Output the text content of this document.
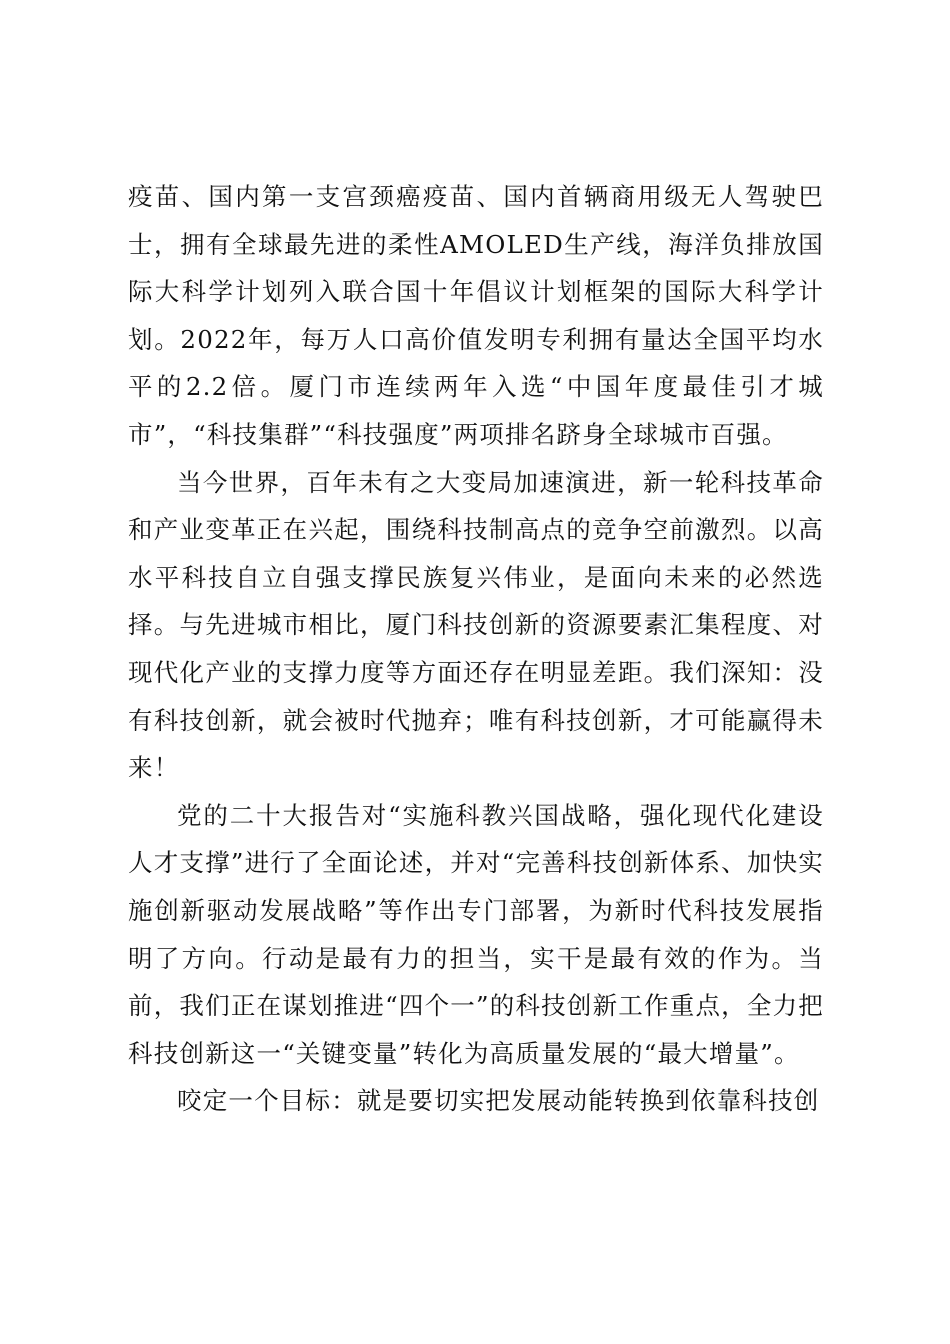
疫苗、国内第一支宫颈癌疫苗、国内首辆商用级无人驾驶巴士，拥有全球最先进的柔性AMOLED生产线，海洋负排放国际大科学计划列入联合国十年倡议计划框架的国际大科学计划。2022年，每万人口高价值发明专利拥有量达全国平均水平的2.2倍。厦门市连续两年入选“中国年度最佳引才城市”，“科技集群”“科技强度”两项排名跻身全球城市百强。

当今世界，百年未有之大变局加速演进，新一轮科技革命和产业变革正在兴起，围绕科技制高点的竞争空前激烈。以高水平科技自立自强支撑民族复兴伟业，是面向未来的必然选择。与先进城市相比，厦门科技创新的资源要素汇集程度、对现代化产业的支撑力度等方面还存在明显差距。我们深知：没有科技创新，就会被时代抛弃；唯有科技创新，才可能赢得未来！

党的二十大报告对“实施科教兴国战略，强化现代化建设人才支撑”进行了全面论述，并对“完善科技创新体系、加快实施创新驱动发展战略”等作出专门部署，为新时代科技发展指明了方向。行动是最有力的担当，实干是最有效的作为。当前，我们正在谋划推进“四个一”的科技创新工作重点，全力把科技创新这一“关键变量”转化为高质量发展的“最大增量”。

咬定一个目标：就是要切实把发展动能转换到依靠科技创
